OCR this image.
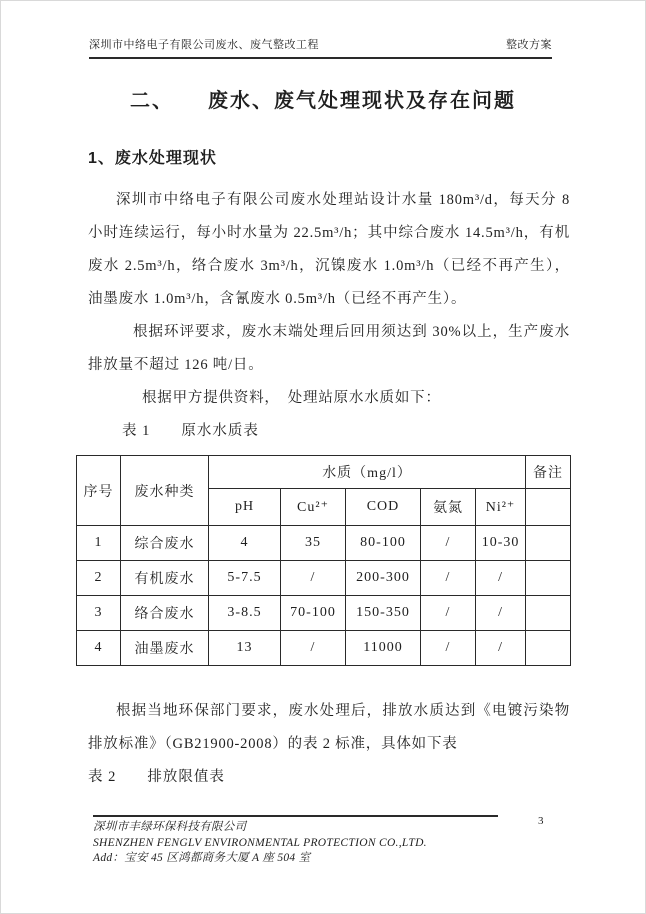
深圳市中络电子有限公司废水、废气整改工程	整改方案
二、　　废水、废气处理现状及存在问题
1、废水处理现状

深圳市中络电子有限公司废水处理站设计水量 180m³/d，每天分 8 小时连续运行，每小时水量为 22.5m³/h；其中综合废水 14.5m³/h，有机废水 2.5m³/h，络合废水 3m³/h，沉镍废水 1.0m³/h（已经不再产生），油墨废水 1.0m³/h，含氰废水 0.5m³/h（已经不再产生）。

根据环评要求，废水末端处理后回用须达到 30%以上，生产废水排放量不超过 126 吨/日。

根据甲方提供资料，　处理站原水水质如下：

表 1　　原水水质表

序号	废水种类	水质（mg/l）					备注
		pH	Cu²⁺	COD	氨氮	Ni²⁺	
1	综合废水	4	35	80-100	/	10-30	
2	有机废水	5-7.5	/	200-300	/	/	
3	络合废水	3-8.5	70-100	150-350	/	/	
4	油墨废水	13	/	11000	/	/	

根据当地环保部门要求，废水处理后，排放水质达到《电镀污染物排放标准》（GB21900-2008）的表 2 标准，具体如下表

表 2　　排放限值表

3
深圳市丰绿环保科技有限公司
SHENZHEN FENGLV ENVIRONMENTAL PROTECTION CO.,LTD.
Add：宝安 45 区鸿都商务大厦 A 座 504 室
